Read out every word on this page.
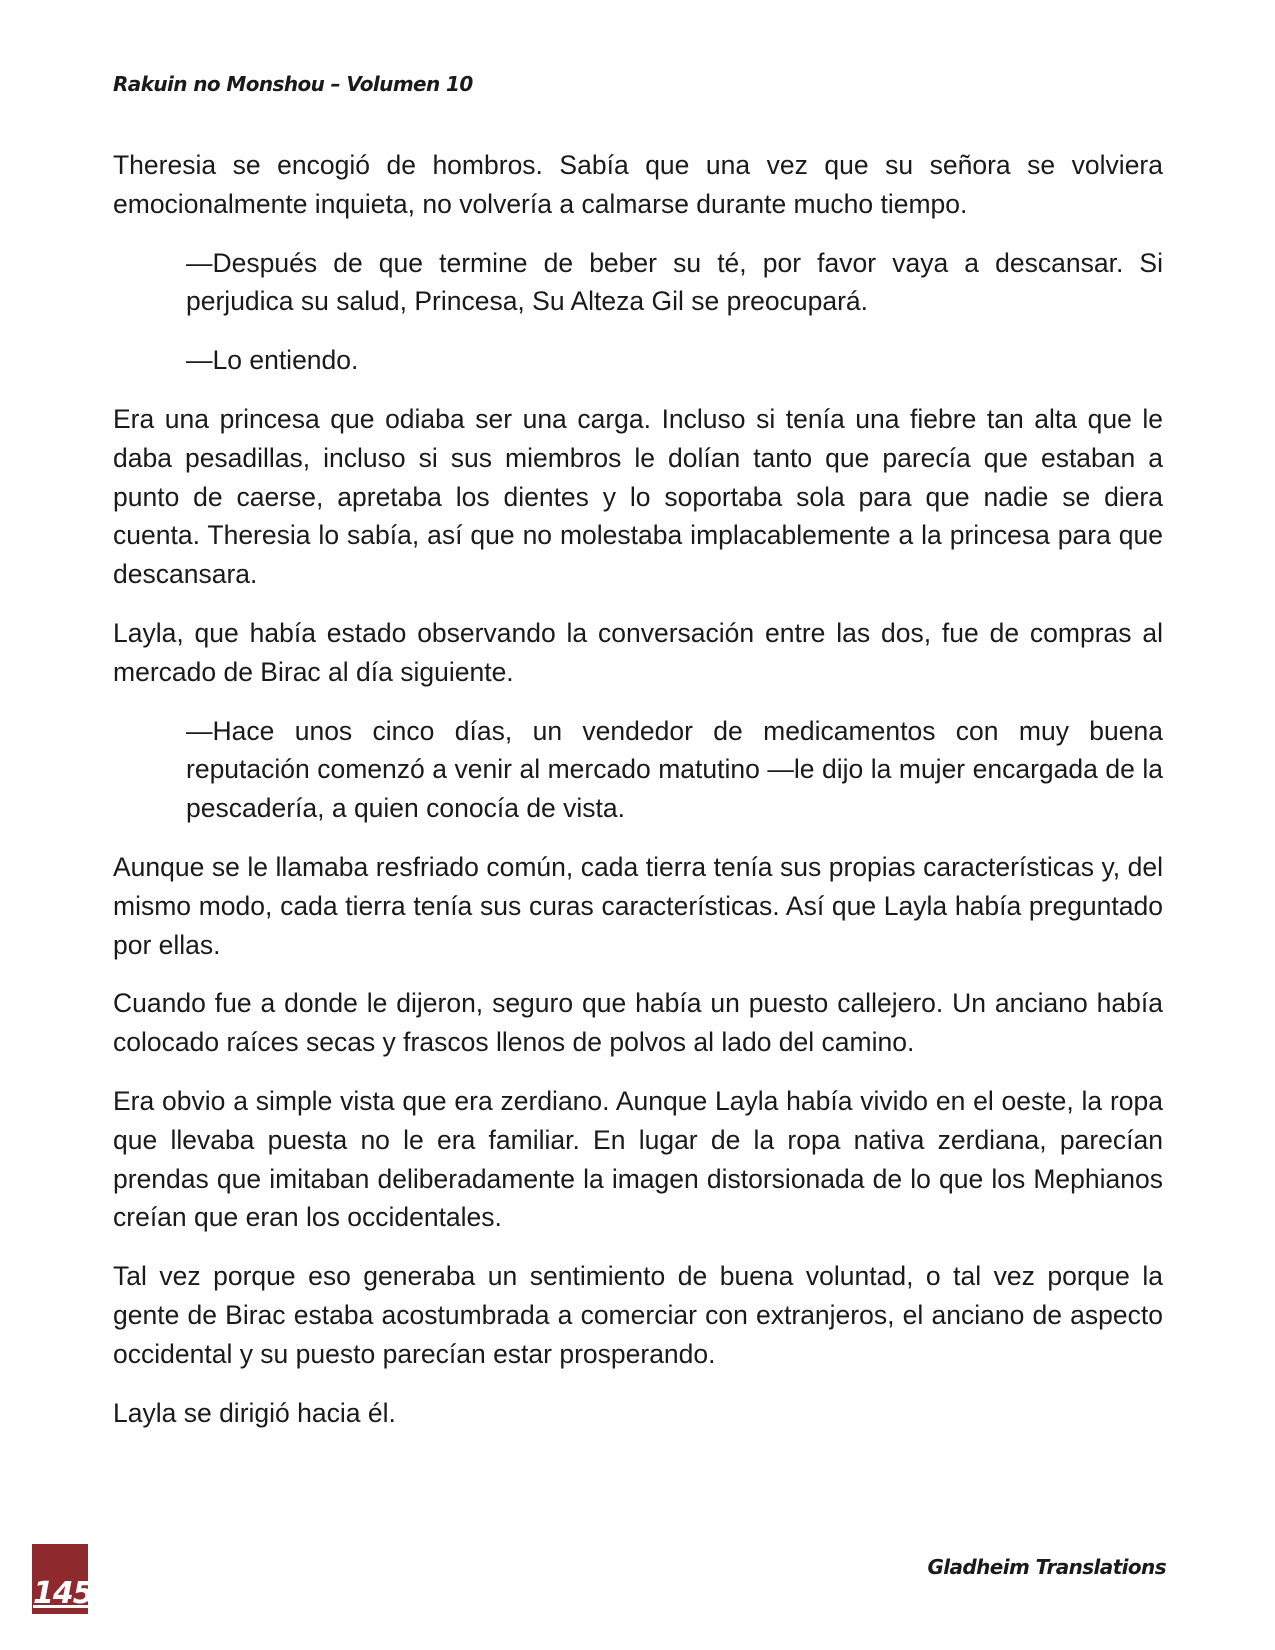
Rakuin no Monshou – Volumen 10

Theresia se encogió de hombros. Sabía que una vez que su señora se volviera emocionalmente inquieta, no volvería a calmarse durante mucho tiempo.

—Después de que termine de beber su té, por favor vaya a descansar. Si perjudica su salud, Princesa, Su Alteza Gil se preocupará.

—Lo entiendo.

Era una princesa que odiaba ser una carga. Incluso si tenía una fiebre tan alta que le daba pesadillas, incluso si sus miembros le dolían tanto que parecía que estaban a punto de caerse, apretaba los dientes y lo soportaba sola para que nadie se diera cuenta. Theresia lo sabía, así que no molestaba implacablemente a la princesa para que descansara.

Layla, que había estado observando la conversación entre las dos, fue de compras al mercado de Birac al día siguiente.

—Hace unos cinco días, un vendedor de medicamentos con muy buena reputación comenzó a venir al mercado matutino —le dijo la mujer encargada de la pescadería, a quien conocía de vista.

Aunque se le llamaba resfriado común, cada tierra tenía sus propias características y, del mismo modo, cada tierra tenía sus curas características. Así que Layla había preguntado por ellas.

Cuando fue a donde le dijeron, seguro que había un puesto callejero. Un anciano había colocado raíces secas y frascos llenos de polvos al lado del camino.

Era obvio a simple vista que era zerdiano. Aunque Layla había vivido en el oeste, la ropa que llevaba puesta no le era familiar. En lugar de la ropa nativa zerdiana, parecían prendas que imitaban deliberadamente la imagen distorsionada de lo que los Mephianos creían que eran los occidentales.

Tal vez porque eso generaba un sentimiento de buena voluntad, o tal vez porque la gente de Birac estaba acostumbrada a comerciar con extranjeros, el anciano de aspecto occidental y su puesto parecían estar prosperando.

Layla se dirigió hacia él.

145
Gladheim Translations
